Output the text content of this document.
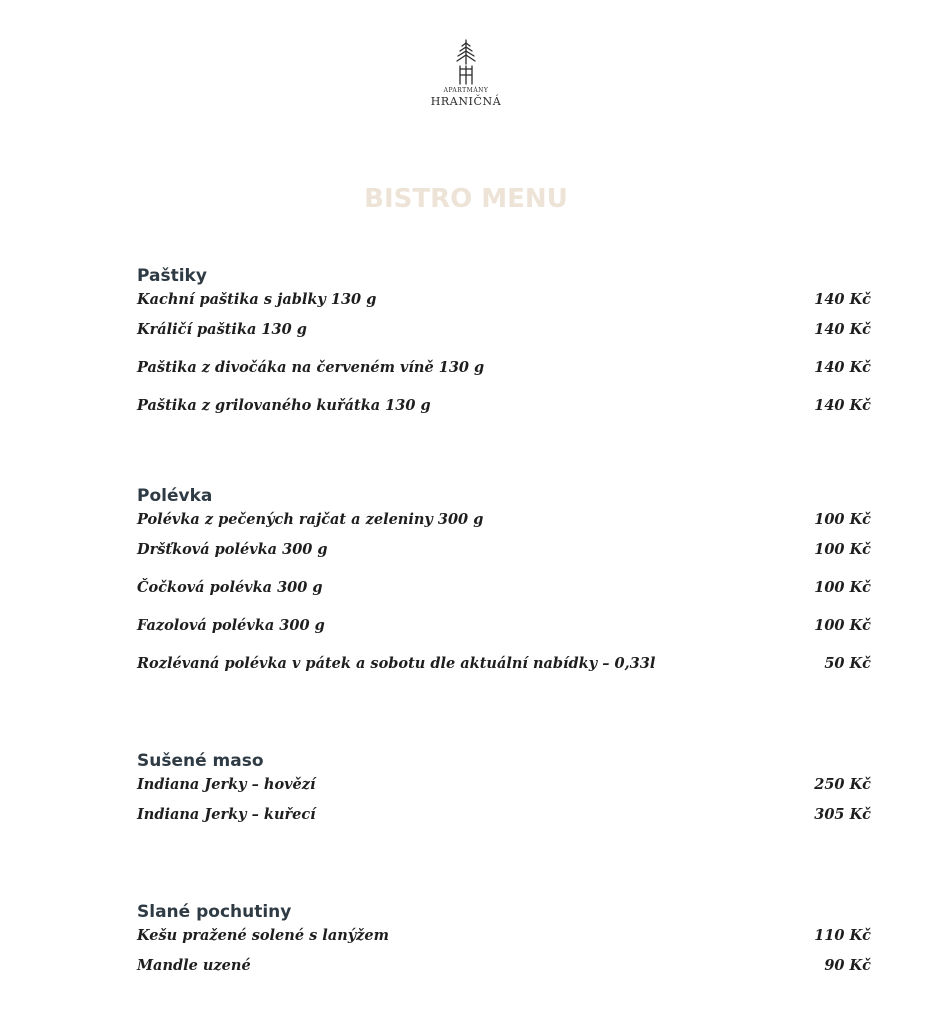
APARTMÁNY
HRANIČNÁ
BISTRO MENU
Paštiky
Kachní paštika s jablky 130 g	140 Kč
Králičí paštika 130 g	140 Kč
Paštika z divočáka na červeném víně 130 g	140 Kč
Paštika z grilovaného kuřátka 130 g	140 Kč
Polévka
Polévka z pečených rajčat a zeleniny 300 g	100 Kč
Dršťková polévka 300 g	100 Kč
Čočková polévka 300 g	100 Kč
Fazolová polévka 300 g	100 Kč
Rozlévaná polévka v pátek a sobotu dle aktuální nabídky – 0,33l	50 Kč
Sušené maso
Indiana Jerky – hovězí	250 Kč
Indiana Jerky – kuřecí	305 Kč
Slané pochutiny
Kešu pražené solené s lanýžem	110 Kč
Mandle uzené	90 Kč
